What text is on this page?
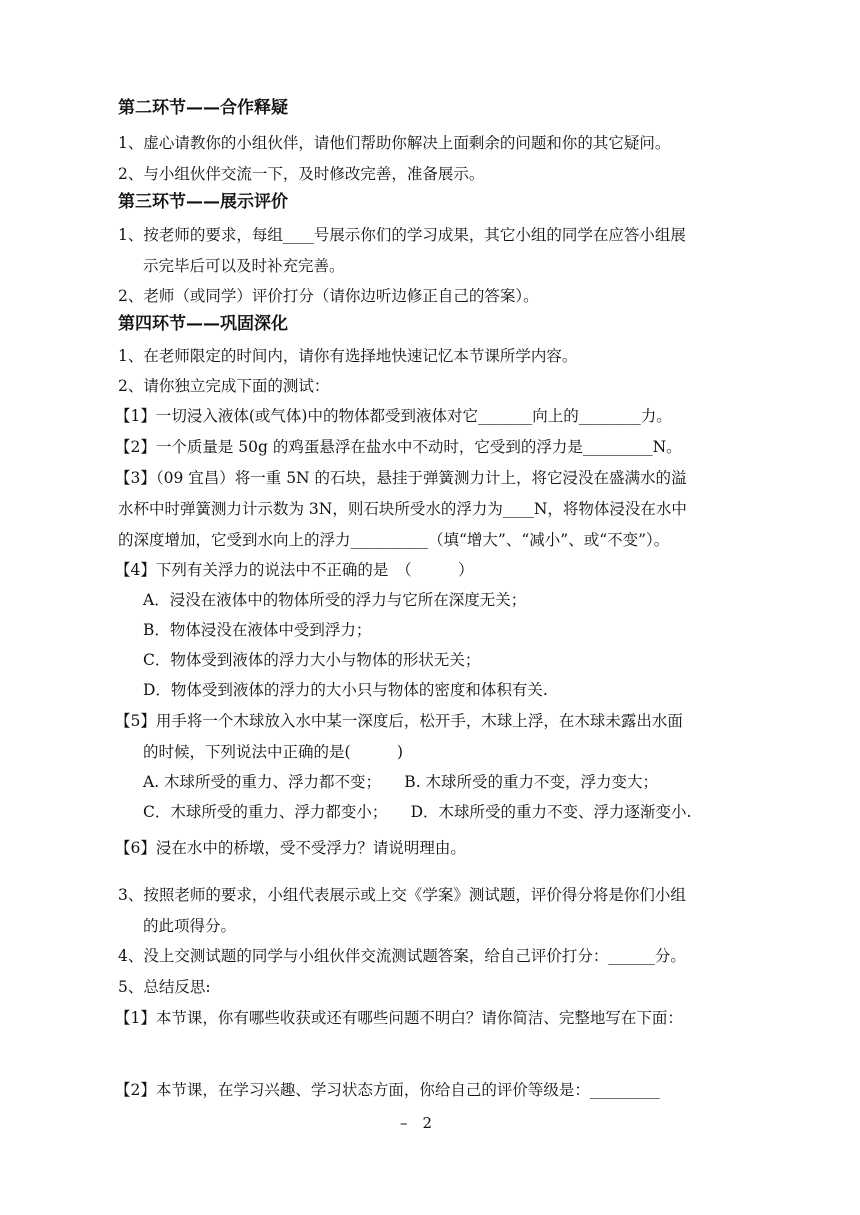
第二环节——合作释疑
1、虚心请教你的小组伙伴，请他们帮助你解决上面剩余的问题和你的其它疑问。
2、与小组伙伴交流一下，及时修改完善，准备展示。
第三环节——展示评价
1、按老师的要求，每组____号展示你们的学习成果，其它小组的同学在应答小组展
示完毕后可以及时补充完善。
2、老师（或同学）评价打分（请你边听边修正自己的答案）。
第四环节——巩固深化
1、在老师限定的时间内，请你有选择地快速记忆本节课所学内容。
2、请你独立完成下面的测试：
【1】一切浸入液体(或气体)中的物体都受到液体对它_______向上的________力。
【2】一个质量是 50g 的鸡蛋悬浮在盐水中不动时，它受到的浮力是_________N。
【3】（09 宜昌）将一重 5N 的石块，悬挂于弹簧测力计上，将它浸没在盛满水的溢
水杯中时弹簧测力计示数为 3N，则石块所受水的浮力为____N，将物体浸没在水中
的深度增加，它受到水向上的浮力__________（填“增大”、“减小”、或“不变”）。
【4】下列有关浮力的说法中不正确的是　（　　　）
A．浸没在液体中的物体所受的浮力与它所在深度无关；
B．物体浸没在液体中受到浮力；
C．物体受到液体的浮力大小与物体的形状无关；
D．物体受到液体的浮力的大小只与物体的密度和体积有关.
【5】用手将一个木球放入水中某一深度后，松开手，木球上浮，在木球未露出水面
的时候，下列说法中正确的是(　　　)
A. 木球所受的重力、浮力都不变；　　B. 木球所受的重力不变，浮力变大；
C．木球所受的重力、浮力都变小；　　D．木球所受的重力不变、浮力逐渐变小.
【6】浸在水中的桥墩，受不受浮力？请说明理由。
3、按照老师的要求，小组代表展示或上交《学案》测试题，评价得分将是你们小组
的此项得分。
4、没上交测试题的同学与小组伙伴交流测试题答案，给自己评价打分：______分。
5、总结反思:
【1】本节课，你有哪些收获或还有哪些问题不明白？请你简洁、完整地写在下面：
【2】本节课，在学习兴趣、学习状态方面，你给自己的评价等级是：_________
–　2
